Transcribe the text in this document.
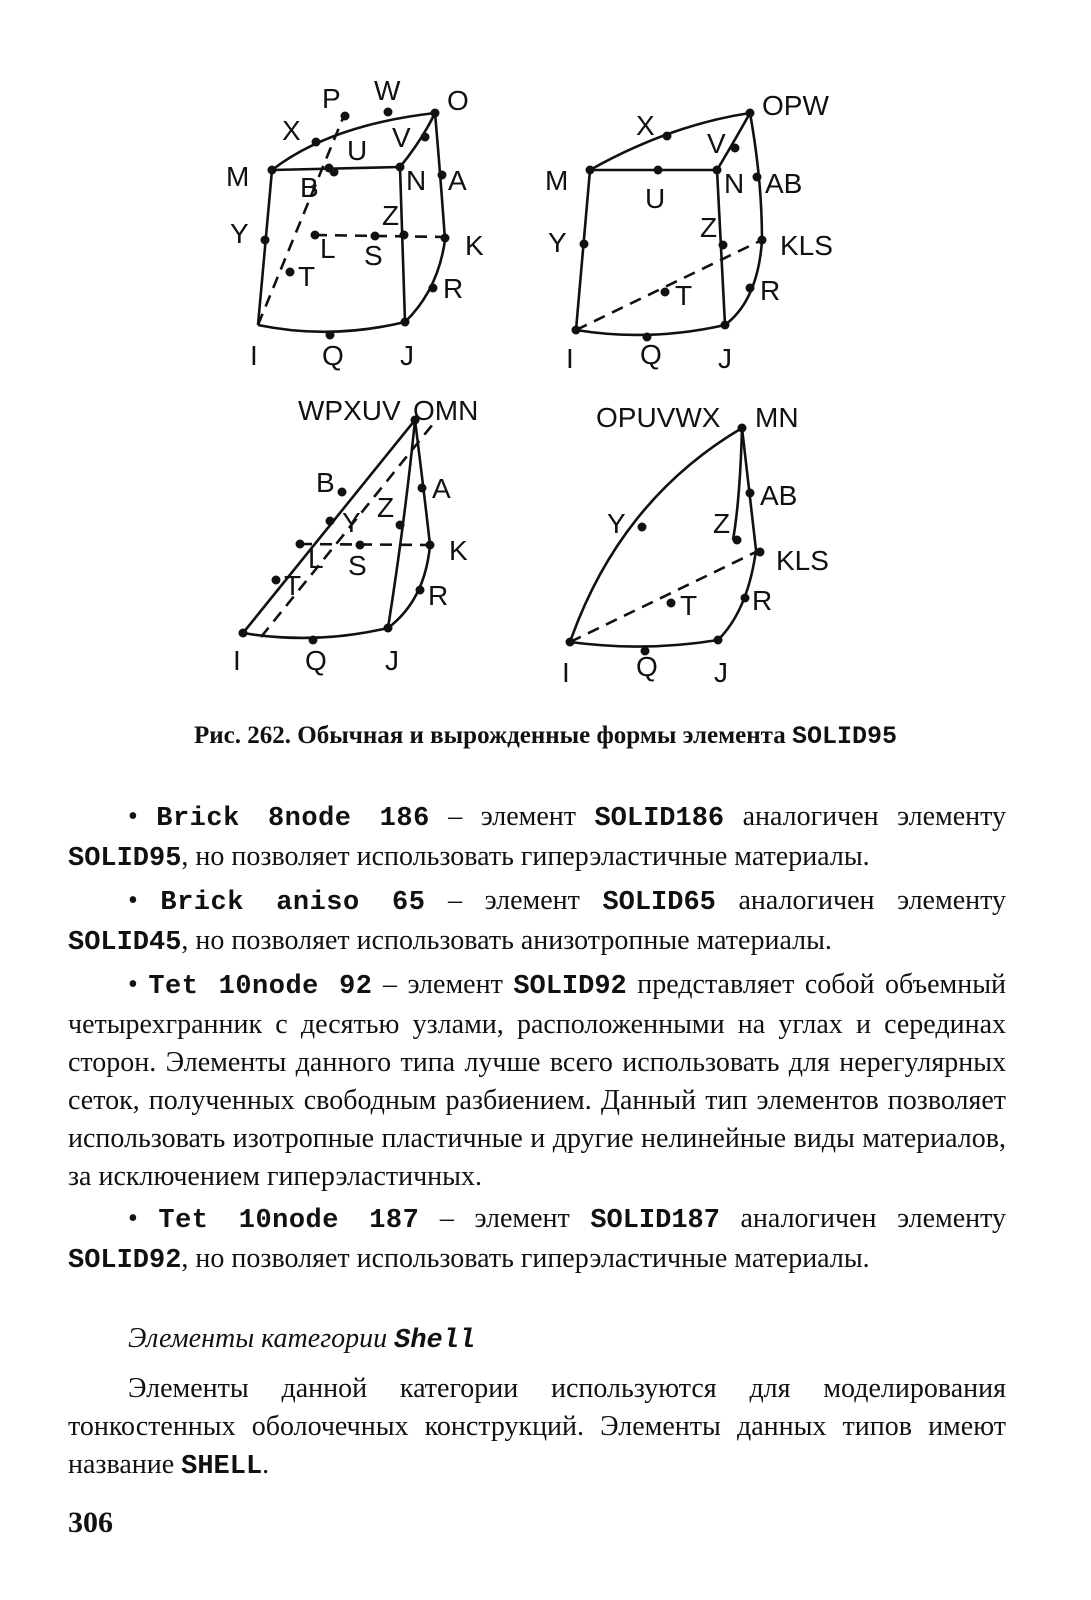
P W O
X
U V
M B	N A
Y
Z
K
L S
T	R
I Q J
OPW
X
V
M
U N AB
Y	Z
KLS
T R
I Q J
WPXUV OMN
B	A
Y Z
L S	K
T	R
I Q J
OPUVWX MN
Y	Z
AB
KLS
T R
I Q J
Рис. 262. Обычная и вырожденные формы элемента SOLID95

• Brick 8node 186 – элемент SOLID186 аналогичен элементу SOLID95, но позволяет использовать гиперэластичные материалы.

• Brick aniso 65 – элемент SOLID65 аналогичен элементу SOLID45, но позволяет использовать анизотропные материалы.

• Tet 10node 92 – элемент SOLID92 представляет собой объемный четырехгранник с десятью узлами, расположенными на углах и серединах сторон. Элементы данного типа лучше всего использовать для нерегулярных сеток, полученных свободным разбиением. Данный тип элементов позволяет использовать изотропные пластичные и другие нелинейные виды материалов, за исключением гиперэластичных.

• Tet 10node 187 – элемент SOLID187 аналогичен элементу SOLID92, но позволяет использовать гиперэластичные материалы.

Элементы категории Shell

Элементы данной категории используются для моделирования тонкостенных оболочечных конструкций. Элементы данных типов имеют название SHELL.

306
